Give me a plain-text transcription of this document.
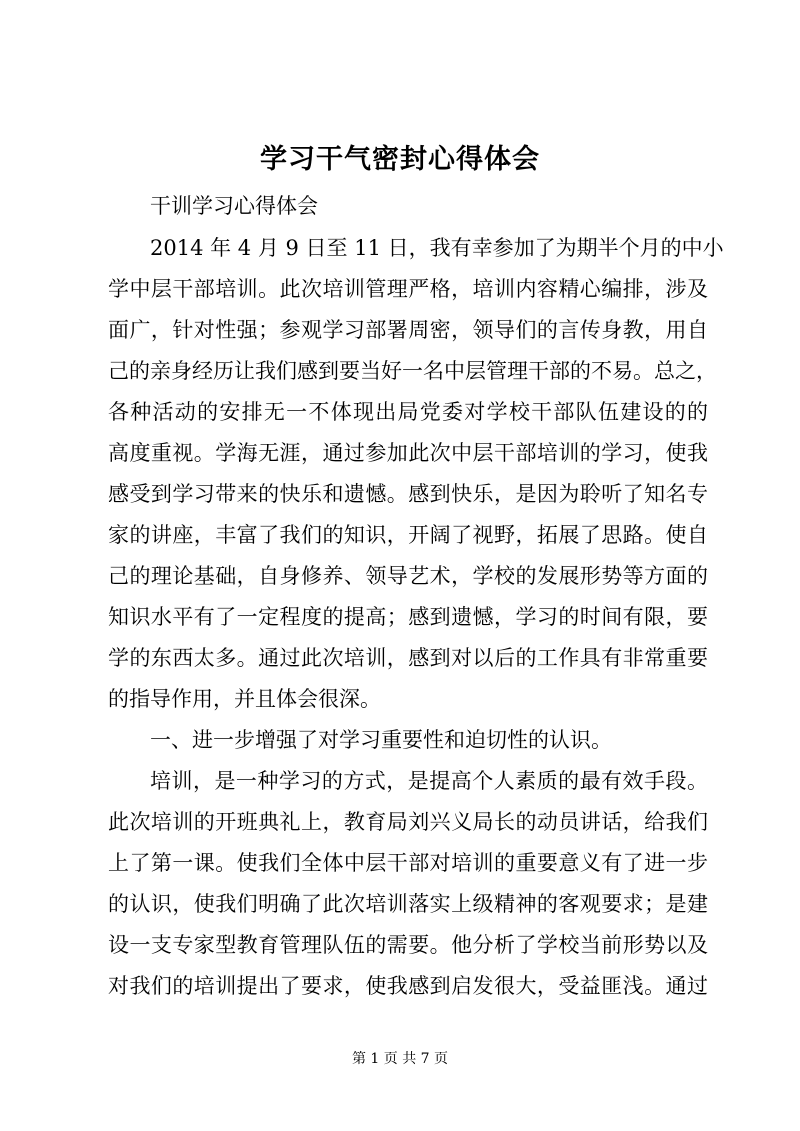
学习干气密封心得体会
干训学习心得体会
2014 年 4 月 9 日至 11 日，我有幸参加了为期半个月的中小
学中层干部培训。此次培训管理严格，培训内容精心编排，涉及
面广，针对性强；参观学习部署周密，领导们的言传身教，用自
己的亲身经历让我们感到要当好一名中层管理干部的不易。总之，
各种活动的安排无一不体现出局党委对学校干部队伍建设的的
高度重视。学海无涯，通过参加此次中层干部培训的学习，使我
感受到学习带来的快乐和遗憾。感到快乐，是因为聆听了知名专
家的讲座，丰富了我们的知识，开阔了视野，拓展了思路。使自
己的理论基础，自身修养、领导艺术，学校的发展形势等方面的
知识水平有了一定程度的提高；感到遗憾，学习的时间有限，要
学的东西太多。通过此次培训，感到对以后的工作具有非常重要
的指导作用，并且体会很深。
一、进一步增强了对学习重要性和迫切性的认识。
培训，是一种学习的方式，是提高个人素质的最有效手段。
此次培训的开班典礼上，教育局刘兴义局长的动员讲话，给我们
上了第一课。使我们全体中层干部对培训的重要意义有了进一步
的认识，使我们明确了此次培训落实上级精神的客观要求；是建
设一支专家型教育管理队伍的需要。他分析了学校当前形势以及
对我们的培训提出了要求，使我感到启发很大，受益匪浅。通过
第 1 页 共 7 页
